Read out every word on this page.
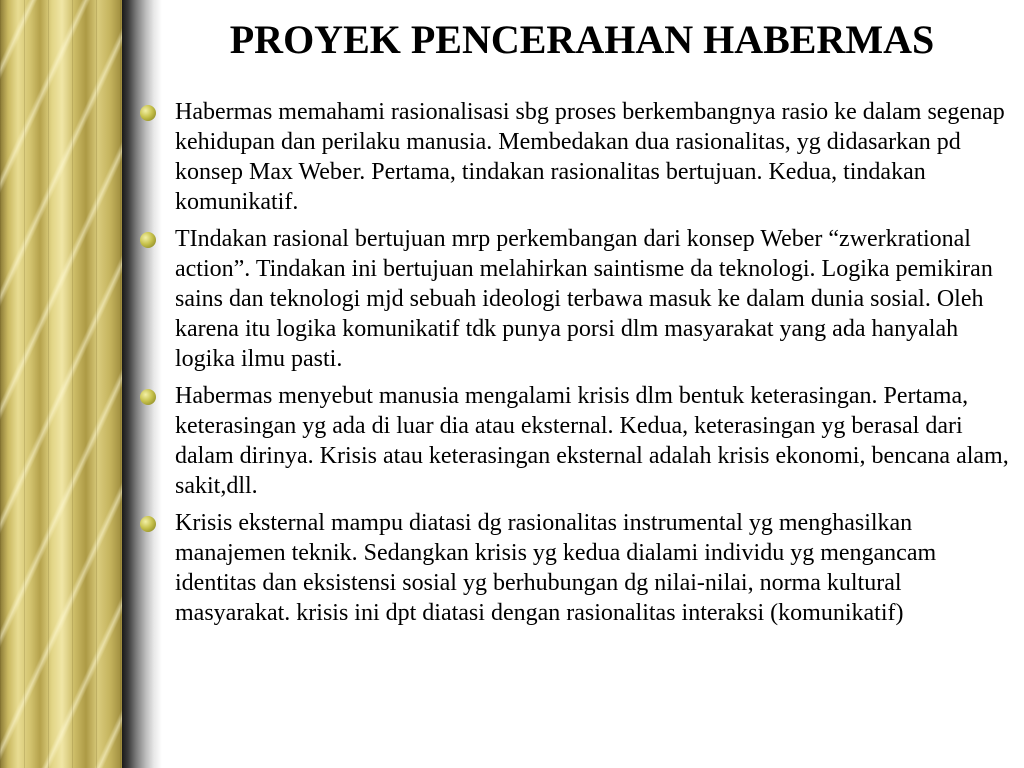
PROYEK PENCERAHAN HABERMAS
Habermas memahami rasionalisasi sbg proses berkembangnya rasio ke dalam segenap kehidupan dan perilaku manusia. Membedakan dua rasionalitas, yg didasarkan pd konsep Max Weber. Pertama, tindakan rasionalitas bertujuan. Kedua, tindakan komunikatif.
TIndakan rasional bertujuan mrp perkembangan dari konsep Weber “zwerkrational action”. Tindakan ini bertujuan melahirkan saintisme da teknologi. Logika pemikiran sains dan teknologi mjd sebuah ideologi terbawa masuk ke dalam dunia sosial. Oleh karena itu logika komunikatif tdk punya porsi dlm masyarakat yang ada hanyalah logika ilmu pasti.
Habermas menyebut manusia mengalami krisis dlm bentuk keterasingan. Pertama, keterasingan yg ada di luar dia atau eksternal. Kedua, keterasingan yg berasal dari dalam dirinya. Krisis atau keterasingan eksternal adalah krisis ekonomi, bencana alam, sakit,dll.
Krisis eksternal mampu diatasi dg rasionalitas instrumental yg menghasilkan manajemen teknik. Sedangkan krisis yg kedua dialami individu yg mengancam identitas dan eksistensi sosial yg berhubungan dg nilai-nilai, norma kultural masyarakat. krisis ini dpt diatasi dengan rasionalitas interaksi (komunikatif)
